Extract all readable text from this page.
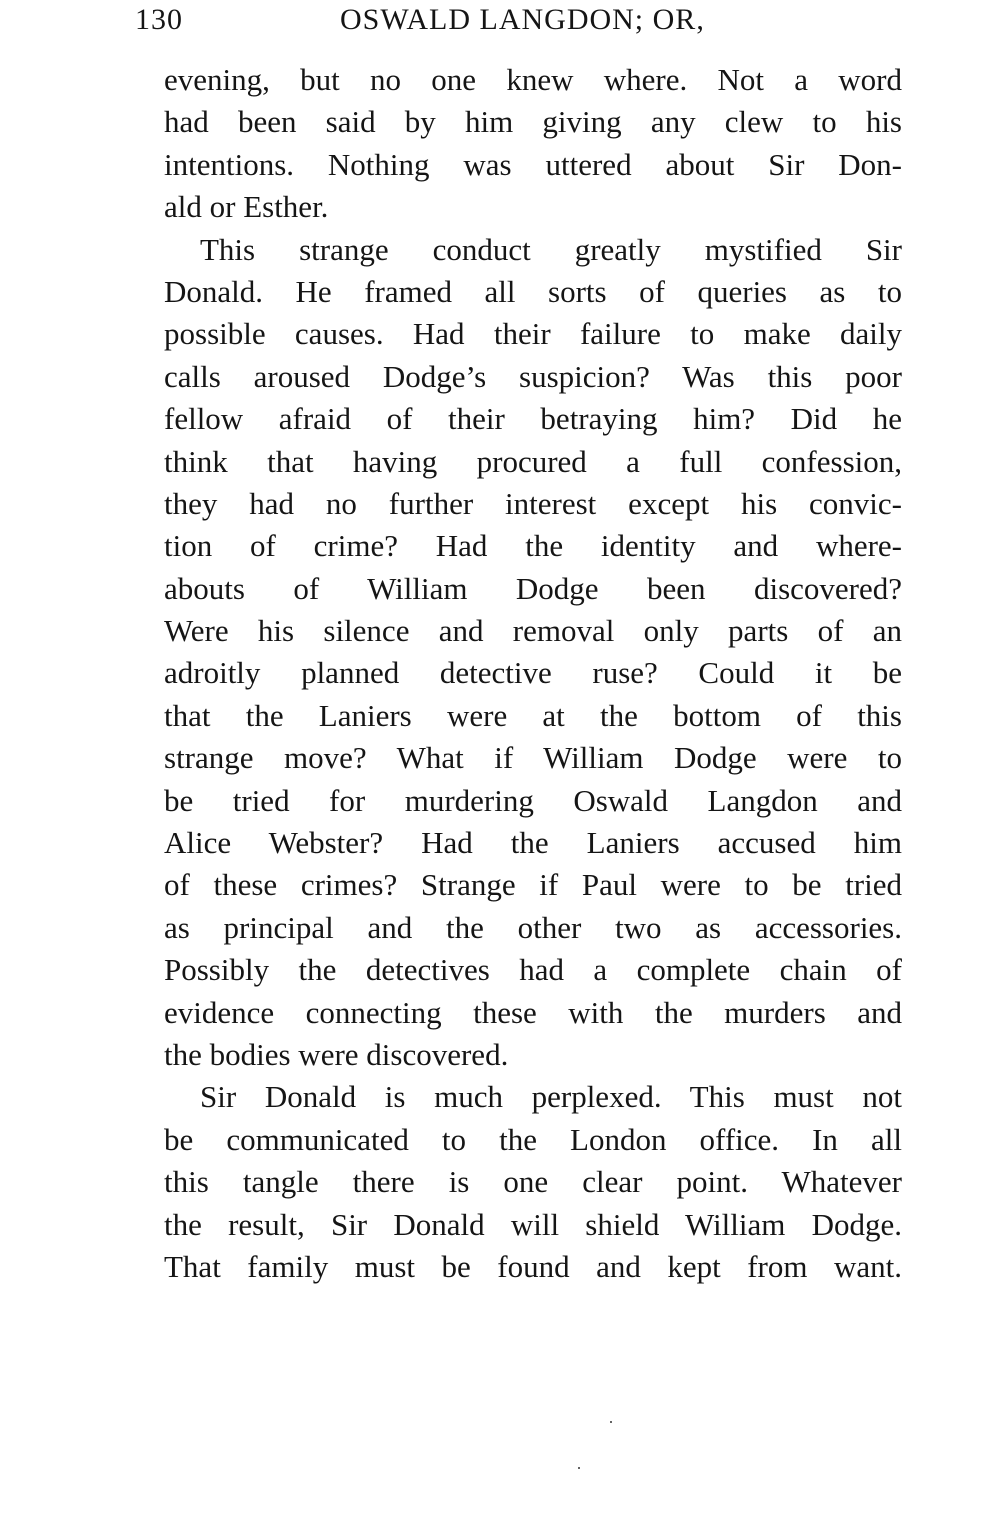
130	OSWALD LANGDON; OR,
evening, but no one knew where. Not a word
had been said by him giving any clew to his
intentions. Nothing was uttered about Sir Don-
ald or Esther.
This strange conduct greatly mystified Sir
Donald. He framed all sorts of queries as to
possible causes. Had their failure to make daily
calls aroused Dodge’s suspicion? Was this poor
fellow afraid of their betraying him? Did he
think that having procured a full confession,
they had no further interest except his convic-
tion of crime? Had the identity and where-
abouts of William Dodge been discovered?
Were his silence and removal only parts of an
adroitly planned detective ruse? Could it be
that the Laniers were at the bottom of this
strange move? What if William Dodge were to
be tried for murdering Oswald Langdon and
Alice Webster? Had the Laniers accused him
of these crimes? Strange if Paul were to be tried
as principal and the other two as accessories.
Possibly the detectives had a complete chain of
evidence connecting these with the murders and
the bodies were discovered.
Sir Donald is much perplexed. This must not
be communicated to the London office. In all
this tangle there is one clear point. Whatever
the result, Sir Donald will shield William Dodge.
That family must be found and kept from want.
